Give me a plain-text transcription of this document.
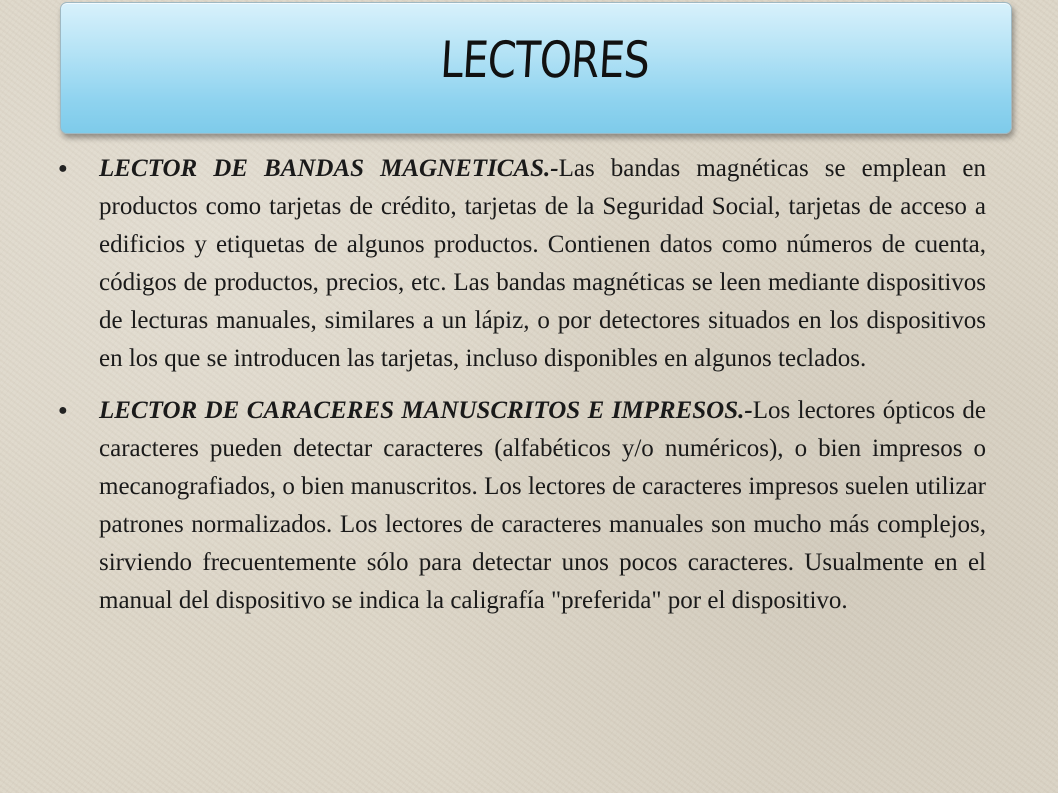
LECTORES
● LECTOR DE BANDAS MAGNETICAS.-Las bandas magnéticas se emplean en productos como tarjetas de crédito, tarjetas de la Seguridad Social, tarjetas de acceso a edificios y etiquetas de algunos productos. Contienen datos como números de cuenta, códigos de productos, precios, etc. Las bandas magnéticas se leen mediante dispositivos de lecturas manuales, similares a un lápiz, o por detectores situados en los dispositivos en los que se introducen las tarjetas, incluso disponibles en algunos teclados.
● LECTOR DE CARACERES MANUSCRITOS E IMPRESOS.-Los lectores ópticos de caracteres pueden detectar caracteres (alfabéticos y/o numéricos), o bien impresos o mecanografiados, o bien manuscritos. Los lectores de caracteres impresos suelen utilizar patrones normalizados. Los lectores de caracteres manuales son mucho más complejos, sirviendo frecuentemente sólo para detectar unos pocos caracteres. Usualmente en el manual del dispositivo se indica la caligrafía "preferida" por el dispositivo.
